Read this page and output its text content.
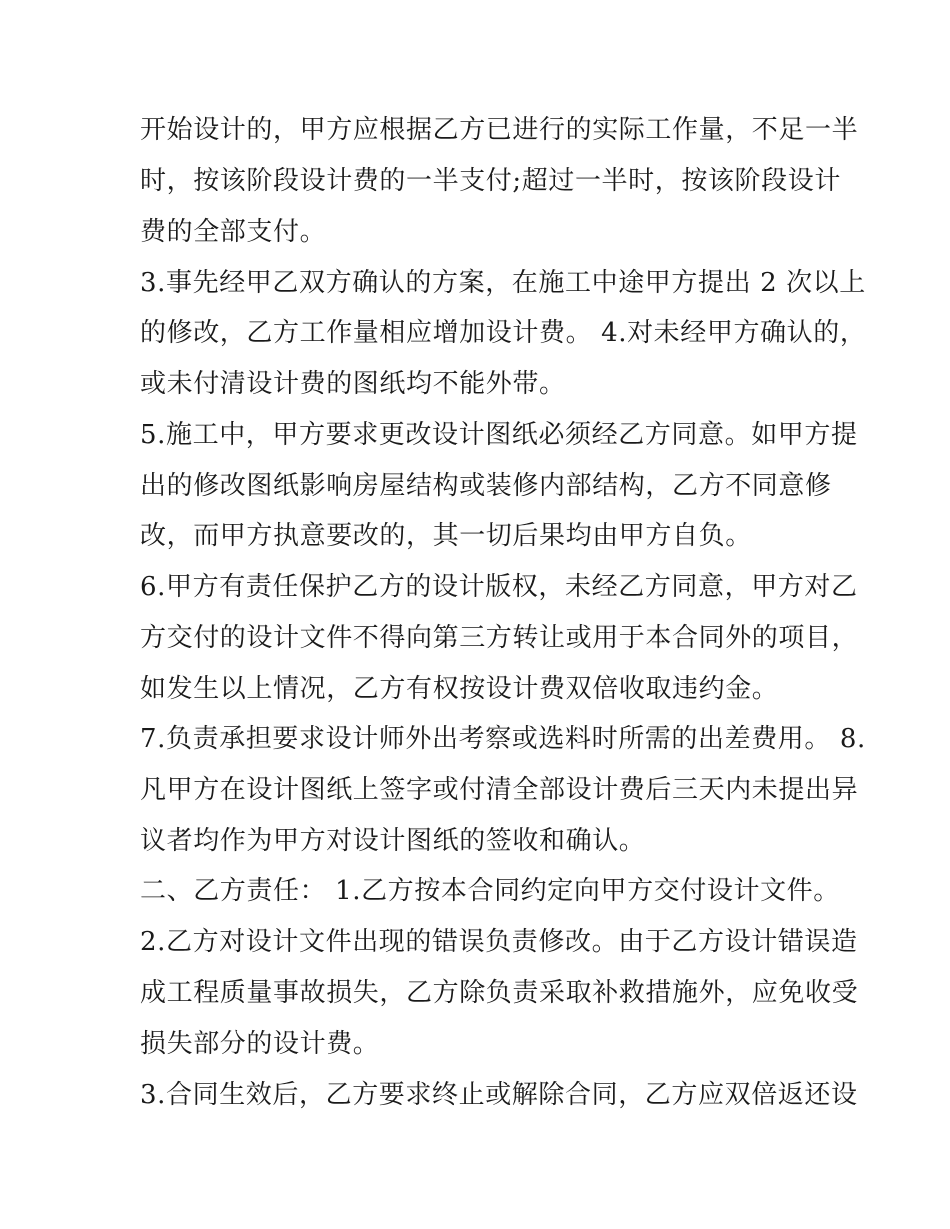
开始设计的，甲方应根据乙方已进行的实际工作量，不足一半

时，按该阶段设计费的一半支付;超过一半时，按该阶段设计

费的全部支付。

3.事先经甲乙双方确认的方案，在施工中途甲方提出 2 次以上

的修改，乙方工作量相应增加设计费。 4.对未经甲方确认的，

或未付清设计费的图纸均不能外带。

5.施工中，甲方要求更改设计图纸必须经乙方同意。如甲方提

出的修改图纸影响房屋结构或装修内部结构，乙方不同意修

改，而甲方执意要改的，其一切后果均由甲方自负。

6.甲方有责任保护乙方的设计版权，未经乙方同意，甲方对乙

方交付的设计文件不得向第三方转让或用于本合同外的项目，

如发生以上情况，乙方有权按设计费双倍收取违约金。

7.负责承担要求设计师外出考察或选料时所需的出差费用。 8.

凡甲方在设计图纸上签字或付清全部设计费后三天内未提出异

议者均作为甲方对设计图纸的签收和确认。

二、乙方责任： 1.乙方按本合同约定向甲方交付设计文件。

2.乙方对设计文件出现的错误负责修改。由于乙方设计错误造

成工程质量事故损失，乙方除负责采取补救措施外，应免收受

损失部分的设计费。

3.合同生效后，乙方要求终止或解除合同，乙方应双倍返还设
